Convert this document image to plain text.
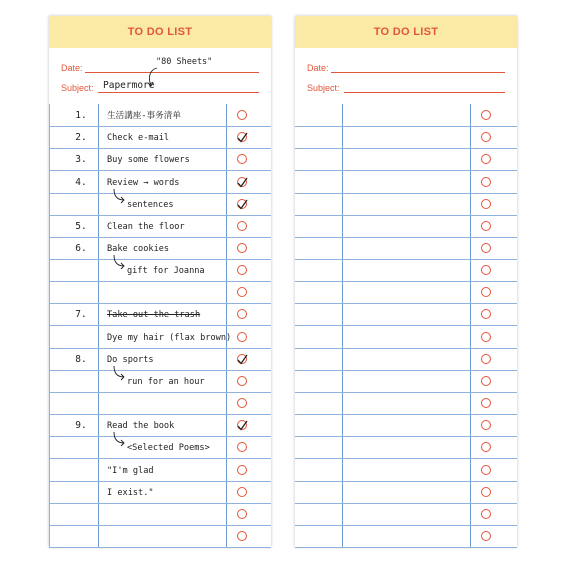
TO DO LIST
Date:
"80 Sheets"
Subject: Papermore
1.	生活講座-事务清单
2.	Check e-mail
3.	Buy some flowers
4.	Review → words
sentences
5.	Clean the floor
6.	Bake cookies
gift for Joanna
7.	Take out the trash
Dye my hair (flax brown)
8.	Do sports
run for an hour
9.	Read the book
<Selected Poems>
"I'm glad
I exist."
TO DO LIST
Date:
Subject:
